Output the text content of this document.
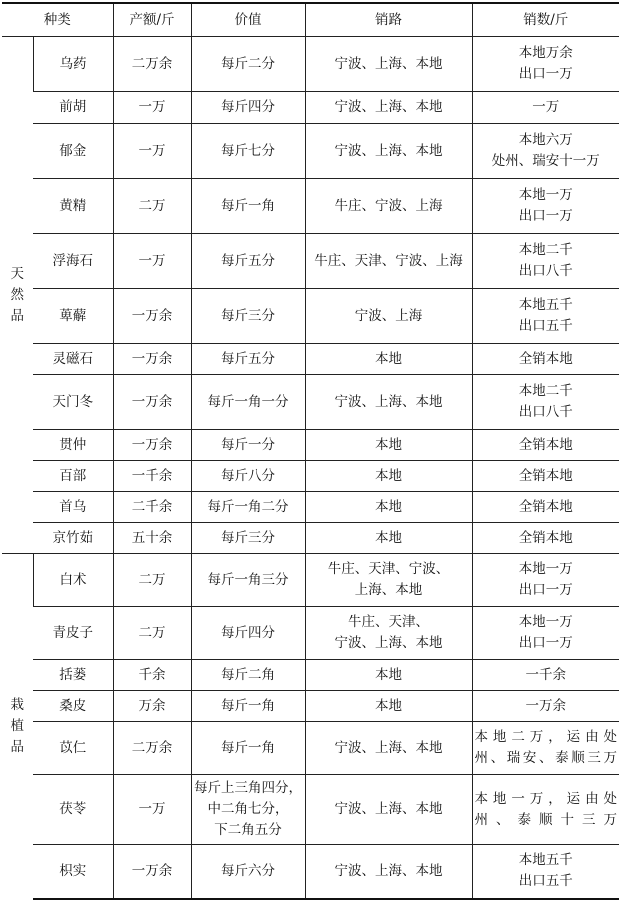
种类		产额/斤	价值	销路	销数/斤

天
然
品	乌药	二万余	每斤二分	宁波、上海、本地	本地万余
出口一万
	前胡	一万	每斤四分	宁波、上海、本地	一万
	郁金	一万	每斤七分	宁波、上海、本地	本地六万
处州、瑞安十一万
	黄精	二万	每斤一角	牛庄、宁波、上海	本地一万
出口一万
	浮海石	一万	每斤五分	牛庄、天津、宁波、上海	本地二千
出口八千
	萆薢	一万余	每斤三分	宁波、上海	本地五千
出口五千
	灵磁石	一万余	每斤五分	本地	全销本地
	天门冬	一万余	每斤一角一分	宁波、上海、本地	本地二千
出口八千
	贯仲	一万余	每斤一分	本地	全销本地
	百部	一千余	每斤八分	本地	全销本地
	首乌	二千余	每斤一角二分	本地	全销本地
	京竹茹	五十余	每斤三分	本地	全销本地

栽
植
品	白术	二万	每斤一角三分	牛庄、天津、宁波、
上海、本地	本地一万
出口一万
	青皮子	二万	每斤四分	牛庄、天津、
宁波、上海、本地	本地一万
出口一万
	括蒌	千余	每斤二角	本地	一千余
	桑皮	万余	每斤一角	本地	一万余
	苡仁	二万余	每斤一角	宁波、上海、本地	本地二万，运由处
州、瑞安、泰顺三万
	茯苓	一万	每斤上三角四分，
中二角七分，
下二角五分	宁波、上海、本地	本地一万，运由处
州、泰顺十三万
	枳实	一万余	每斤六分	宁波、上海、本地	本地五千
出口五千
